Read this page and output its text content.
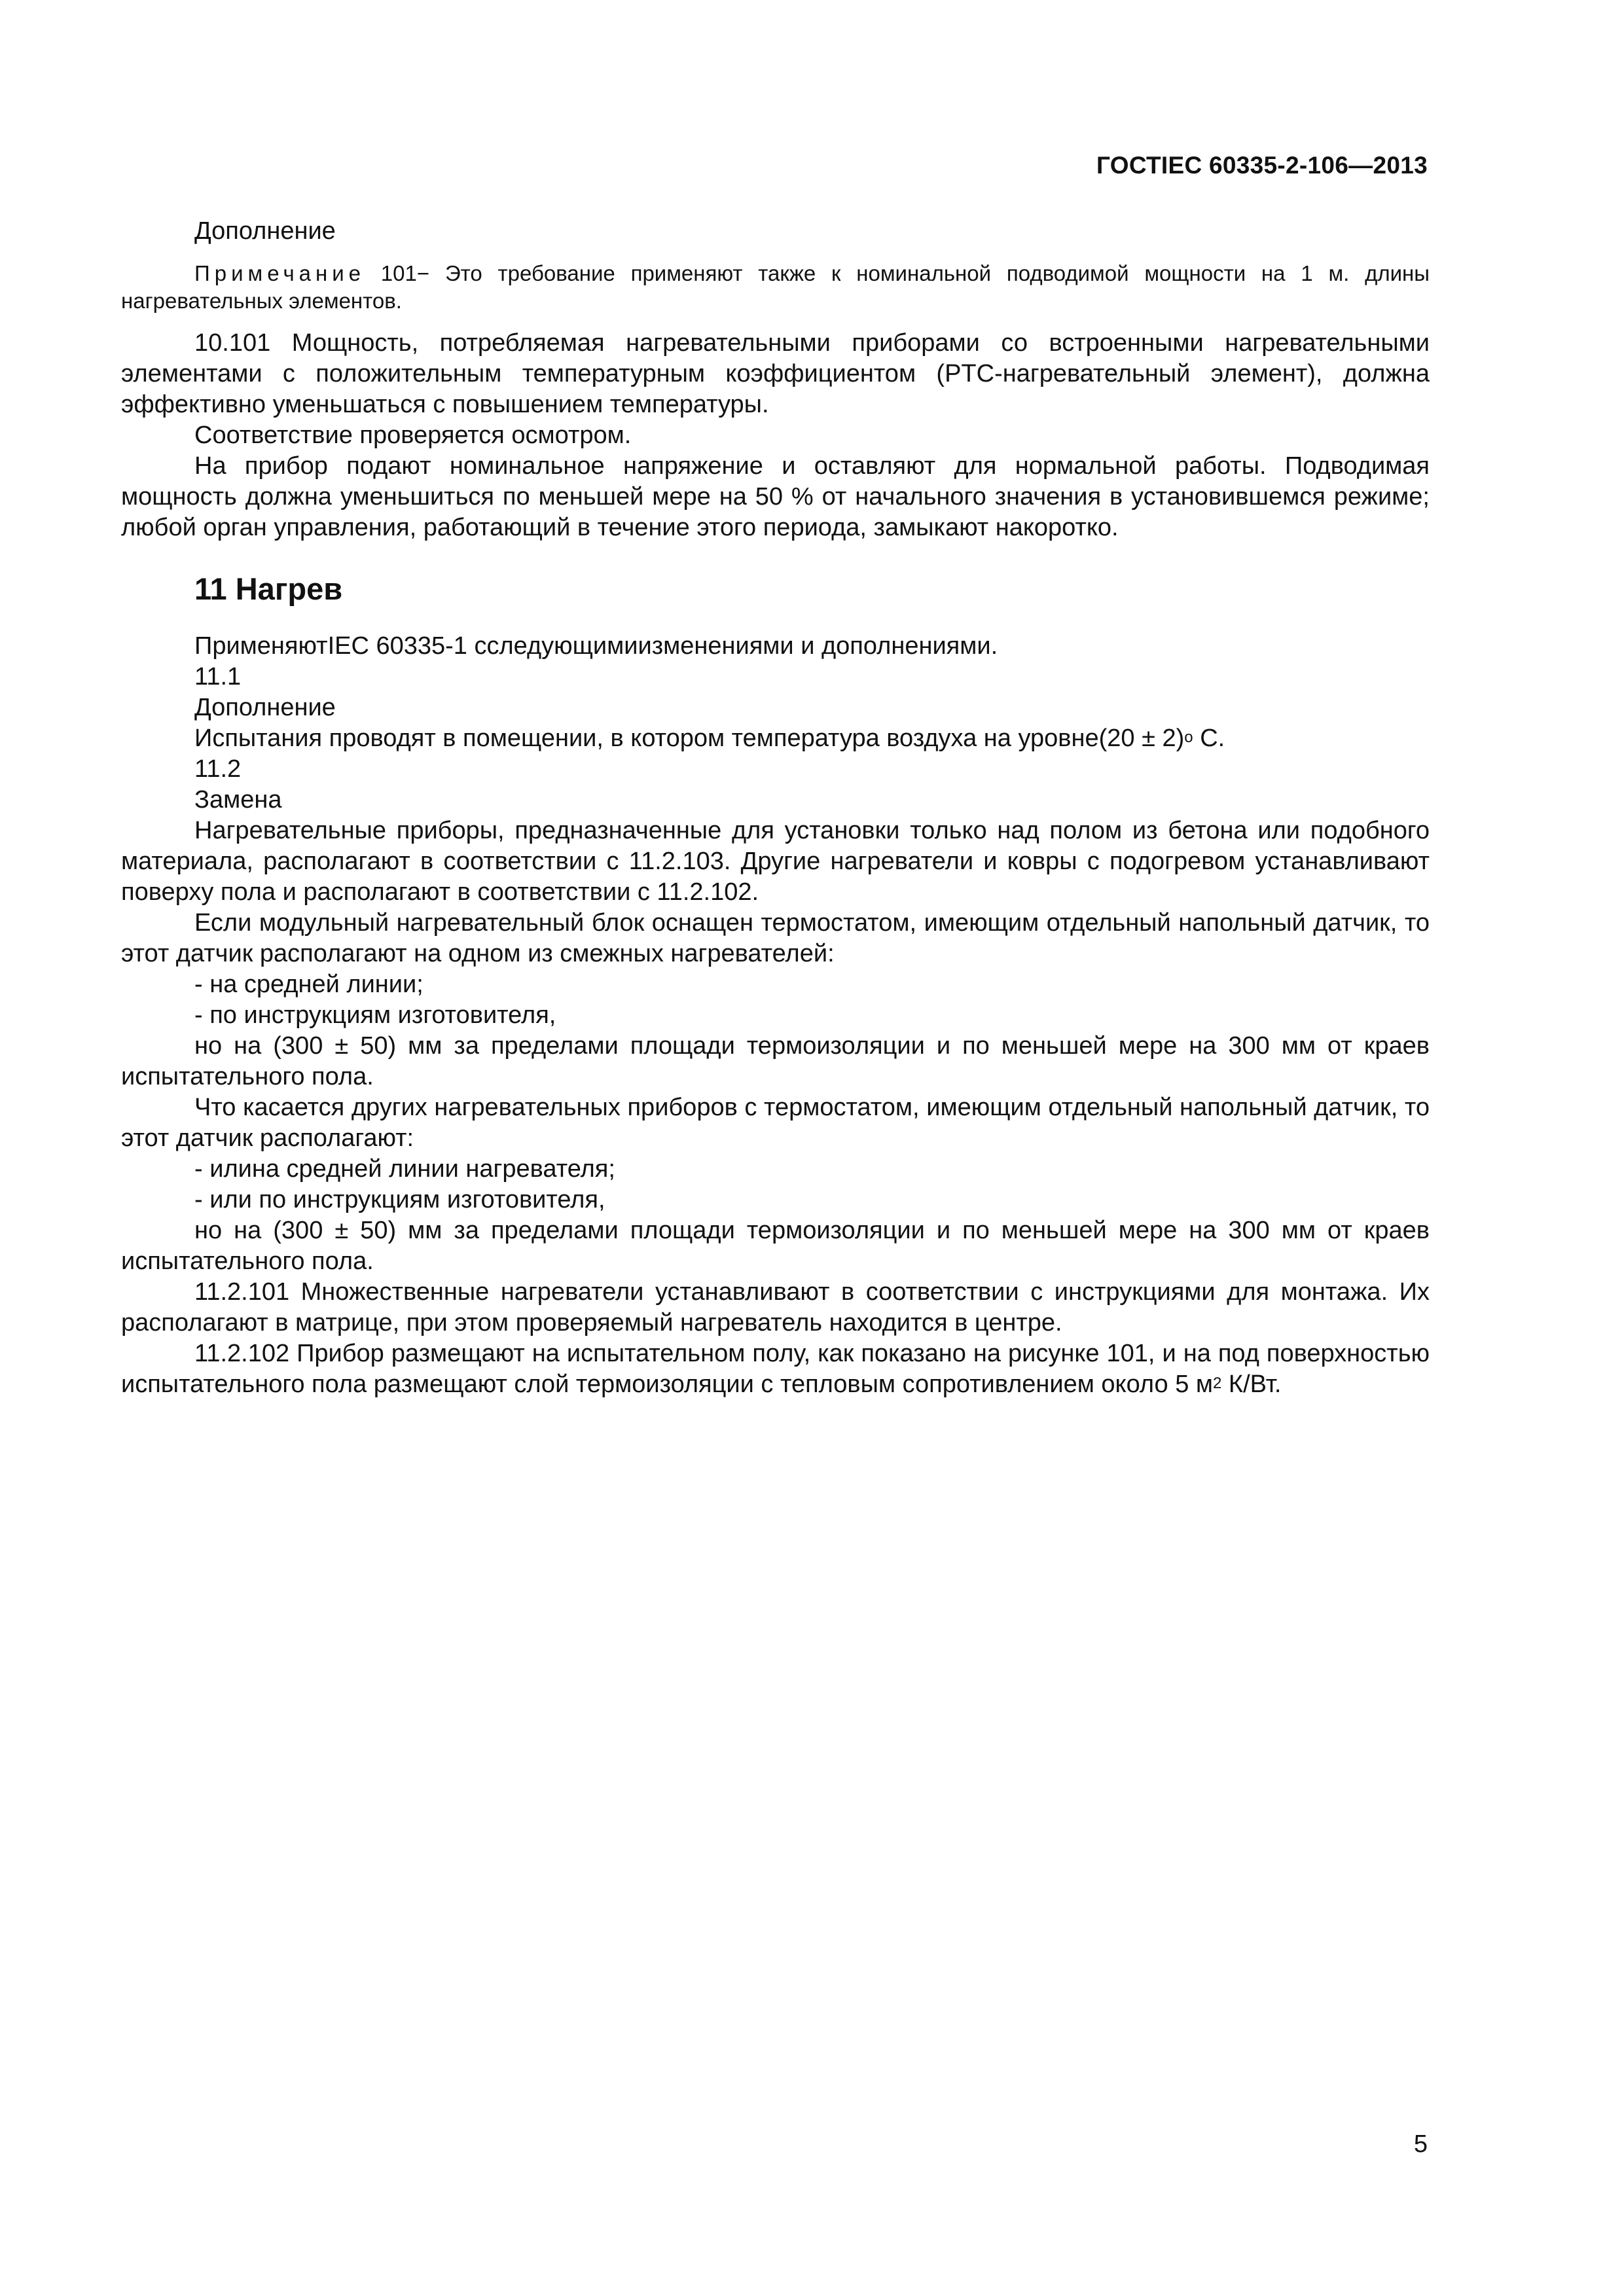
ГОСТIEC 60335-2-106—2013

Дополнение

Примечание 101− Это требование применяют также к номинальной подводимой мощности на 1 м. длины нагревательных элементов.

10.101 Мощность, потребляемая нагревательными приборами со встроенными нагревательными элементами с положительным температурным коэффициентом (PTC-нагревательный элемент), должна эффективно уменьшаться с повышением температуры.

Соответствие проверяется осмотром.

На прибор подают номинальное напряжение и оставляют для нормальной работы. Подводимая мощность должна уменьшиться по меньшей мере на 50 % от начального значения в установившемся режиме; любой орган управления, работающий в течение этого периода, замыкают накоротко.

11 Нагрев

ПрименяютIEC 60335-1 сследующимиизменениями и дополнениями.

11.1

Дополнение

Испытания проводят в помещении, в котором температура воздуха на уровне(20 ± 2)$^o$ C.

11.2

Замена

Нагревательные приборы, предназначенные для установки только над полом из бетона или подобного материала, располагают в соответствии с 11.2.103. Другие нагреватели и ковры с подогревом устанавливают поверху пола и располагают в соответствии с 11.2.102.

Если модульный нагревательный блок оснащен термостатом, имеющим отдельный напольный датчик, то этот датчик располагают на одном из смежных нагревателей:

- на средней линии;

- по инструкциям изготовителя,

но на (300 ± 50) мм за пределами площади термоизоляции и по меньшей мере на 300 мм от краев испытательного пола.

Что касается других нагревательных приборов с термостатом, имеющим отдельный напольный датчик, то этот датчик располагают:

- илина средней линии нагревателя;

- или по инструкциям изготовителя,

но на (300 ± 50) мм за пределами площади термоизоляции и по меньшей мере на 300 мм от краев испытательного пола.

11.2.101 Множественные нагреватели устанавливают в соответствии с инструкциями для монтажа. Их располагают в матрице, при этом проверяемый нагреватель находится в центре.

11.2.102 Прибор размещают на испытательном полу, как показано на рисунке 101, и на под поверхностью испытательного пола размещают слой термоизоляции с тепловым сопротивлением около 5 $м^2$ К/Вт.

5
